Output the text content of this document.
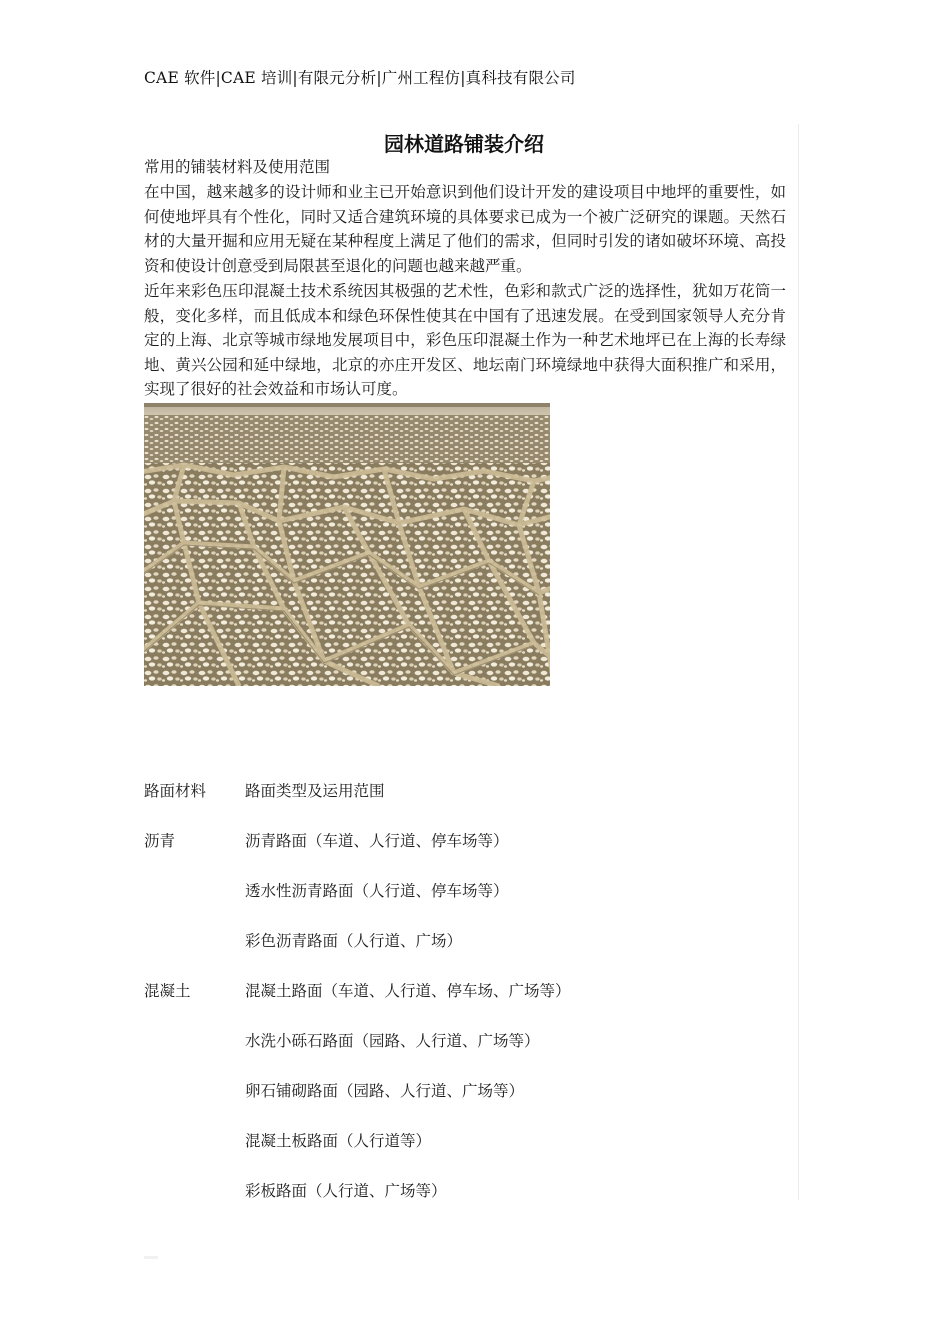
CAE 软件|CAE 培训|有限元分析|广州工程仿|真科技有限公司
园林道路铺装介绍
常用的铺装材料及使用范围

在中国，越来越多的设计师和业主已开始意识到他们设计开发的建设项目中地坪的重要性，如何使地坪具有个性化，同时又适合建筑环境的具体要求已成为一个被广泛研究的课题。天然石材的大量开掘和应用无疑在某种程度上满足了他们的需求，但同时引发的诸如破坏环境、高投资和使设计创意受到局限甚至退化的问题也越来越严重。

近年来彩色压印混凝土技术系统因其极强的艺术性，色彩和款式广泛的选择性，犹如万花筒一般，变化多样，而且低成本和绿色环保性使其在中国有了迅速发展。在受到国家领导人充分肯定的上海、北京等城市绿地发展项目中，彩色压印混凝土作为一种艺术地坪已在上海的长寿绿地、黄兴公园和延中绿地，北京的亦庄开发区、地坛南门环境绿地中获得大面积推广和采用，实现了很好的社会效益和市场认可度。

路面材料	路面类型及运用范围
沥青	沥青路面（车道、人行道、停车场等）
透水性沥青路面（人行道、停车场等）
彩色沥青路面（人行道、广场）
混凝土	混凝土路面（车道、人行道、停车场、广场等）
水洗小砾石路面（园路、人行道、广场等）
卵石铺砌路面（园路、人行道、广场等）
混凝土板路面（人行道等）
彩板路面（人行道、广场等）
